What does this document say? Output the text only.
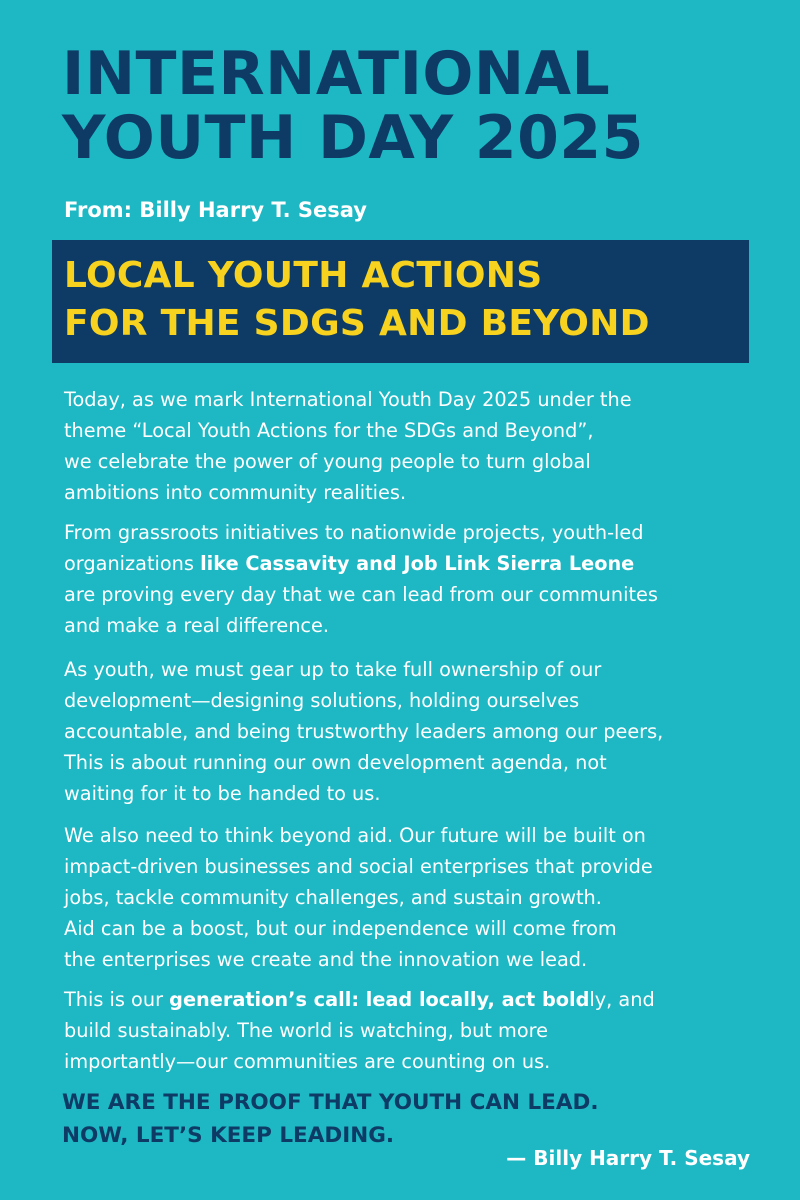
INTERNATIONAL
YOUTH DAY 2025
From: Billy Harry T. Sesay
LOCAL YOUTH ACTIONS
FOR THE SDGS AND BEYOND

Today, as we mark International Youth Day 2025 under the
theme “Local Youth Actions for the SDGs and Beyond”,
we celebrate the power of young people to turn global
ambitions into community realities.

From grassroots initiatives to nationwide projects, youth-led
organizations like Cassavity and Job Link Sierra Leone
are proving every day that we can lead from our communites
and make a real difference.

As youth, we must gear up to take full ownership of our
development—designing solutions, holding ourselves
accountable, and being trustworthy leaders among our peers,
This is about running our own development agenda, not
waiting for it to be handed to us.

We also need to think beyond aid. Our future will be built on
impact-driven businesses and social enterprises that provide
jobs, tackle community challenges, and sustain growth.
Aid can be a boost, but our independence will come from
the enterprises we create and the innovation we lead.

This is our generation’s call: lead locally, act boldly, and
build sustainably. The world is watching, but more
importantly—our communities are counting on us.

WE ARE THE PROOF THAT YOUTH CAN LEAD.
NOW, LET’S KEEP LEADING.
— Billy Harry T. Sesay
